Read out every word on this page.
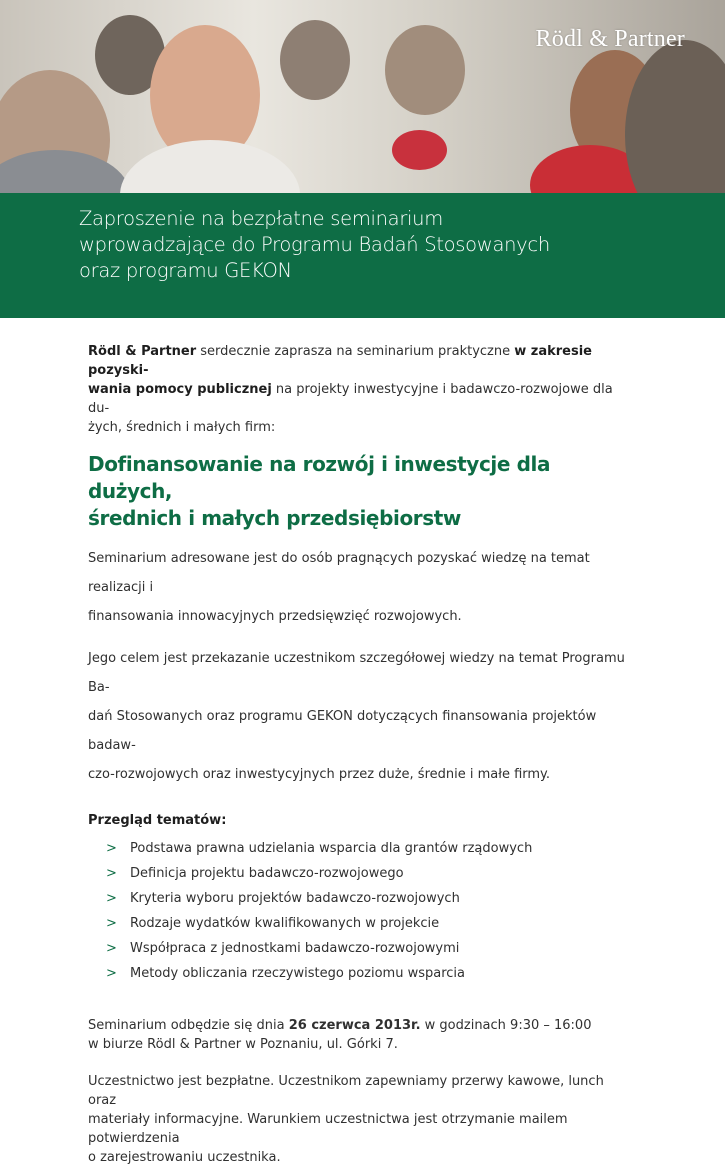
Rödl & Partner
Zaproszenie na bezpłatne seminarium
wprowadzające do Programu Badań Stosowanych
oraz programu GEKON

Rödl & Partner serdecznie zaprasza na seminarium praktyczne w zakresie pozyski-
wania pomocy publicznej na projekty inwestycyjne i badawczo-rozwojowe dla du-
żych, średnich i małych firm:

Dofinansowanie na rozwój i inwestycje dla dużych,
średnich i małych przedsiębiorstw

Seminarium adresowane jest do osób pragnących pozyskać wiedzę na temat realizacji i
finansowania innowacyjnych przedsięwzięć rozwojowych.

Jego celem jest przekazanie uczestnikom szczegółowej wiedzy na temat Programu Ba-
dań Stosowanych oraz programu GEKON dotyczących finansowania projektów badaw-
czo-rozwojowych oraz inwestycyjnych przez duże, średnie i małe firmy.

Przegląd tematów:

> Podstawa prawna udzielania wsparcia dla grantów rządowych
> Definicja projektu badawczo-rozwojowego
> Kryteria wyboru projektów badawczo-rozwojowych
> Rodzaje wydatków kwalifikowanych w projekcie
> Współpraca z jednostkami badawczo-rozwojowymi
> Metody obliczania rzeczywistego poziomu wsparcia

Seminarium odbędzie się dnia 26 czerwca 2013r. w godzinach 9:30 – 16:00
w biurze Rödl & Partner w Poznaniu, ul. Górki 7.

Uczestnictwo jest bezpłatne. Uczestnikom zapewniamy przerwy kawowe, lunch oraz
materiały informacyjne. Warunkiem uczestnictwa jest otrzymanie mailem potwierdzenia
o zarejestrowaniu uczestnika.
